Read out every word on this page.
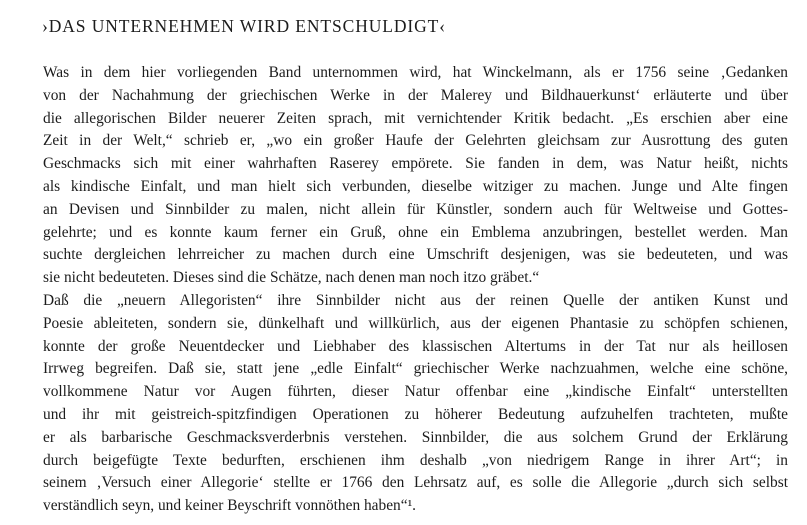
›DAS UNTERNEHMEN WIRD ENTSCHULDIGT‹
Was in dem hier vorliegenden Band unternommen wird, hat Winckelmann, als er 1756 seine ‚Gedanken
von der Nachahmung der griechischen Werke in der Malerey und Bildhauerkunst‘ erläuterte und über
die allegorischen Bilder neuerer Zeiten sprach, mit vernichtender Kritik bedacht. „Es erschien aber eine
Zeit in der Welt,“ schrieb er, „wo ein großer Haufe der Gelehrten gleichsam zur Ausrottung des guten
Geschmacks sich mit einer wahrhaften Raserey empörete. Sie fanden in dem, was Natur heißt, nichts
als kindische Einfalt, und man hielt sich verbunden, dieselbe witziger zu machen. Junge und Alte fingen
an Devisen und Sinnbilder zu malen, nicht allein für Künstler, sondern auch für Weltweise und Gottes-
gelehrte; und es konnte kaum ferner ein Gruß, ohne ein Emblema anzubringen, bestellet werden. Man
suchte dergleichen lehrreicher zu machen durch eine Umschrift desjenigen, was sie bedeuteten, und was
sie nicht bedeuteten. Dieses sind die Schätze, nach denen man noch itzo gräbet.“
Daß die „neuern Allegoristen“ ihre Sinnbilder nicht aus der reinen Quelle der antiken Kunst und
Poesie ableiteten, sondern sie, dünkelhaft und willkürlich, aus der eigenen Phantasie zu schöpfen schienen,
konnte der große Neuentdecker und Liebhaber des klassischen Altertums in der Tat nur als heillosen
Irrweg begreifen. Daß sie, statt jene „edle Einfalt“ griechischer Werke nachzuahmen, welche eine schöne,
vollkommene Natur vor Augen führten, dieser Natur offenbar eine „kindische Einfalt“ unterstellten
und ihr mit geistreich-spitzfindigen Operationen zu höherer Bedeutung aufzuhelfen trachteten, mußte
er als barbarische Geschmacksverderbnis verstehen. Sinnbilder, die aus solchem Grund der Erklärung
durch beigefügte Texte bedurften, erschienen ihm deshalb „von niedrigem Range in ihrer Art“; in
seinem ‚Versuch einer Allegorie‘ stellte er 1766 den Lehrsatz auf, es solle die Allegorie „durch sich selbst
verständlich seyn, und keiner Beyschrift vonnöthen haben“¹.
